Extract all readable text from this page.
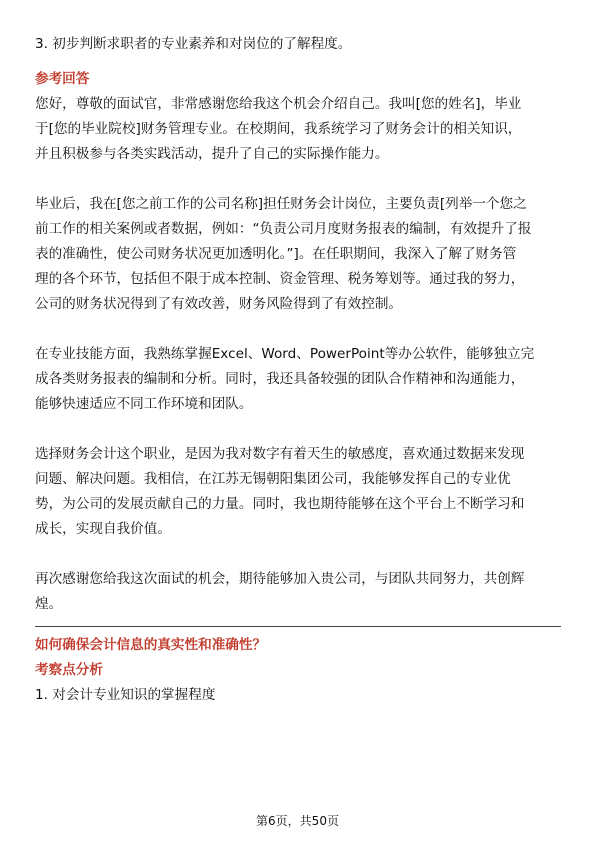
3. 初步判断求职者的专业素养和对岗位的了解程度。

参考回答

您好，尊敬的面试官，非常感谢您给我这个机会介绍自己。我叫[您的姓名]，毕业

于[您的毕业院校]财务管理专业。在校期间，我系统学习了财务会计的相关知识，

并且积极参与各类实践活动，提升了自己的实际操作能力。

毕业后，我在[您之前工作的公司名称]担任财务会计岗位，主要负责[列举一个您之

前工作的相关案例或者数据，例如：“负责公司月度财务报表的编制，有效提升了报

表的准确性，使公司财务状况更加透明化。”]。在任职期间，我深入了解了财务管

理的各个环节，包括但不限于成本控制、资金管理、税务筹划等。通过我的努力，

公司的财务状况得到了有效改善，财务风险得到了有效控制。

在专业技能方面，我熟练掌握Excel、Word、PowerPoint等办公软件，能够独立完

成各类财务报表的编制和分析。同时，我还具备较强的团队合作精神和沟通能力，

能够快速适应不同工作环境和团队。

选择财务会计这个职业，是因为我对数字有着天生的敏感度，喜欢通过数据来发现

问题、解决问题。我相信，在江苏无锡朝阳集团公司，我能够发挥自己的专业优

势，为公司的发展贡献自己的力量。同时，我也期待能够在这个平台上不断学习和

成长，实现自我价值。

再次感谢您给我这次面试的机会，期待能够加入贵公司，与团队共同努力，共创辉

煌。

如何确保会计信息的真实性和准确性？

考察点分析

1. 对会计专业知识的掌握程度

第6页，共50页
